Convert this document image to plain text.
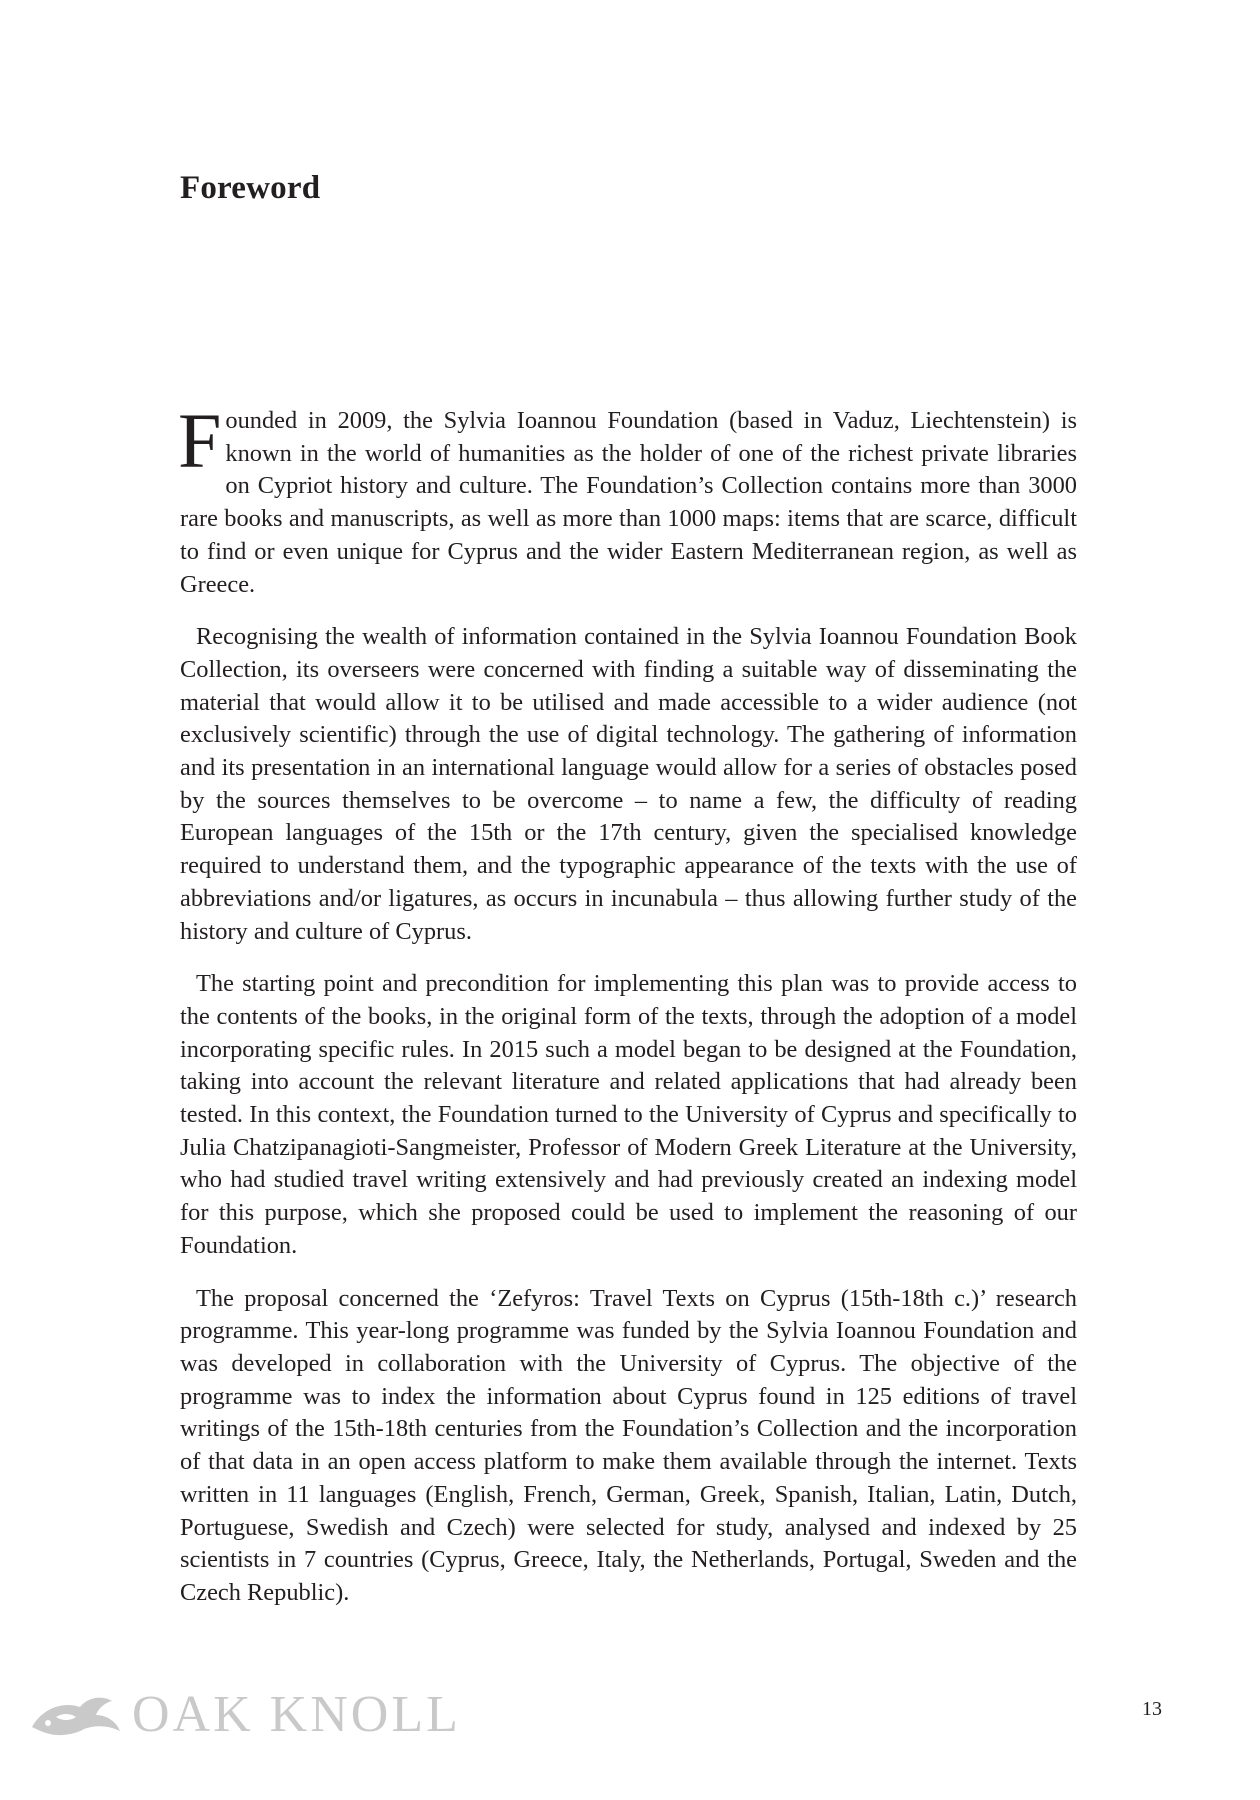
Foreword

Founded in 2009, the Sylvia Ioannou Foundation (based in Vaduz, Liechtenstein) is known in the world of humanities as the holder of one of the richest private libraries on Cypriot history and culture. The Foundation’s Collection contains more than 3000 rare books and manuscripts, as well as more than 1000 maps: items that are scarce, difficult to find or even unique for Cyprus and the wider Eastern Mediterranean region, as well as Greece.

Recognising the wealth of information contained in the Sylvia Ioannou Foundation Book Collection, its overseers were concerned with finding a suitable way of disseminating the material that would allow it to be utilised and made accessible to a wider audience (not exclusively scientific) through the use of digital technology. The gathering of information and its presentation in an international language would allow for a series of obstacles posed by the sources themselves to be overcome – to name a few, the difficulty of reading European languages of the 15th or the 17th century, given the specialised knowledge required to understand them, and the typographic appearance of the texts with the use of abbreviations and/or ligatures, as occurs in incunabula – thus allowing further study of the history and culture of Cyprus.

The starting point and precondition for implementing this plan was to provide access to the contents of the books, in the original form of the texts, through the adoption of a model incorporating specific rules. In 2015 such a model began to be designed at the Foundation, taking into account the relevant literature and related applications that had already been tested. In this context, the Foundation turned to the University of Cyprus and specifically to Julia Chatzipanagioti-Sangmeister, Professor of Modern Greek Literature at the University, who had studied travel writing extensively and had previously created an indexing model for this purpose, which she proposed could be used to implement the reasoning of our Foundation.

The proposal concerned the ‘Zefyros: Travel Texts on Cyprus (15th-18th c.)’ research programme. This year-long programme was funded by the Sylvia Ioannou Foundation and was developed in collaboration with the University of Cyprus. The objective of the programme was to index the information about Cyprus found in 125 editions of travel writings of the 15th-18th centuries from the Foundation’s Collection and the incorporation of that data in an open access platform to make them available through the internet. Texts written in 11 languages (English, French, German, Greek, Spanish, Italian, Latin, Dutch, Portuguese, Swedish and Czech) were selected for study, analysed and indexed by 25 scientists in 7 countries (Cyprus, Greece, Italy, the Netherlands, Portugal, Sweden and the Czech Republic).

OAK KNOLL	13
